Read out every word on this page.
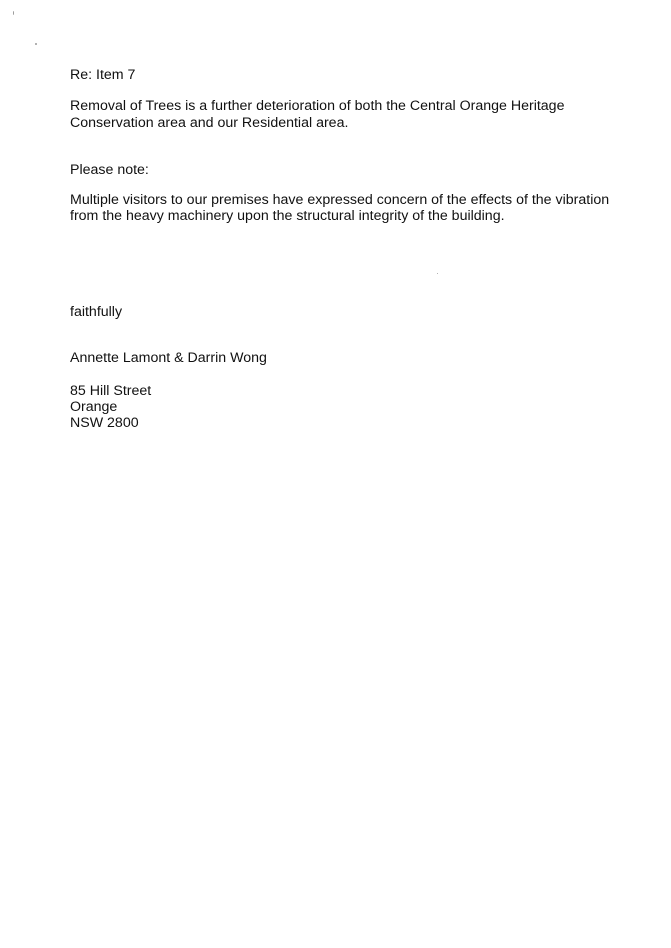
Re: Item 7

Removal of Trees is a further deterioration of both the Central Orange Heritage

Conservation area and our Residential area.

Please note:

Multiple visitors to our premises have expressed concern of the effects of the vibration

from the heavy machinery upon the structural integrity of the building.

faithfully

Annette Lamont & Darrin Wong

85 Hill Street

Orange

NSW 2800
